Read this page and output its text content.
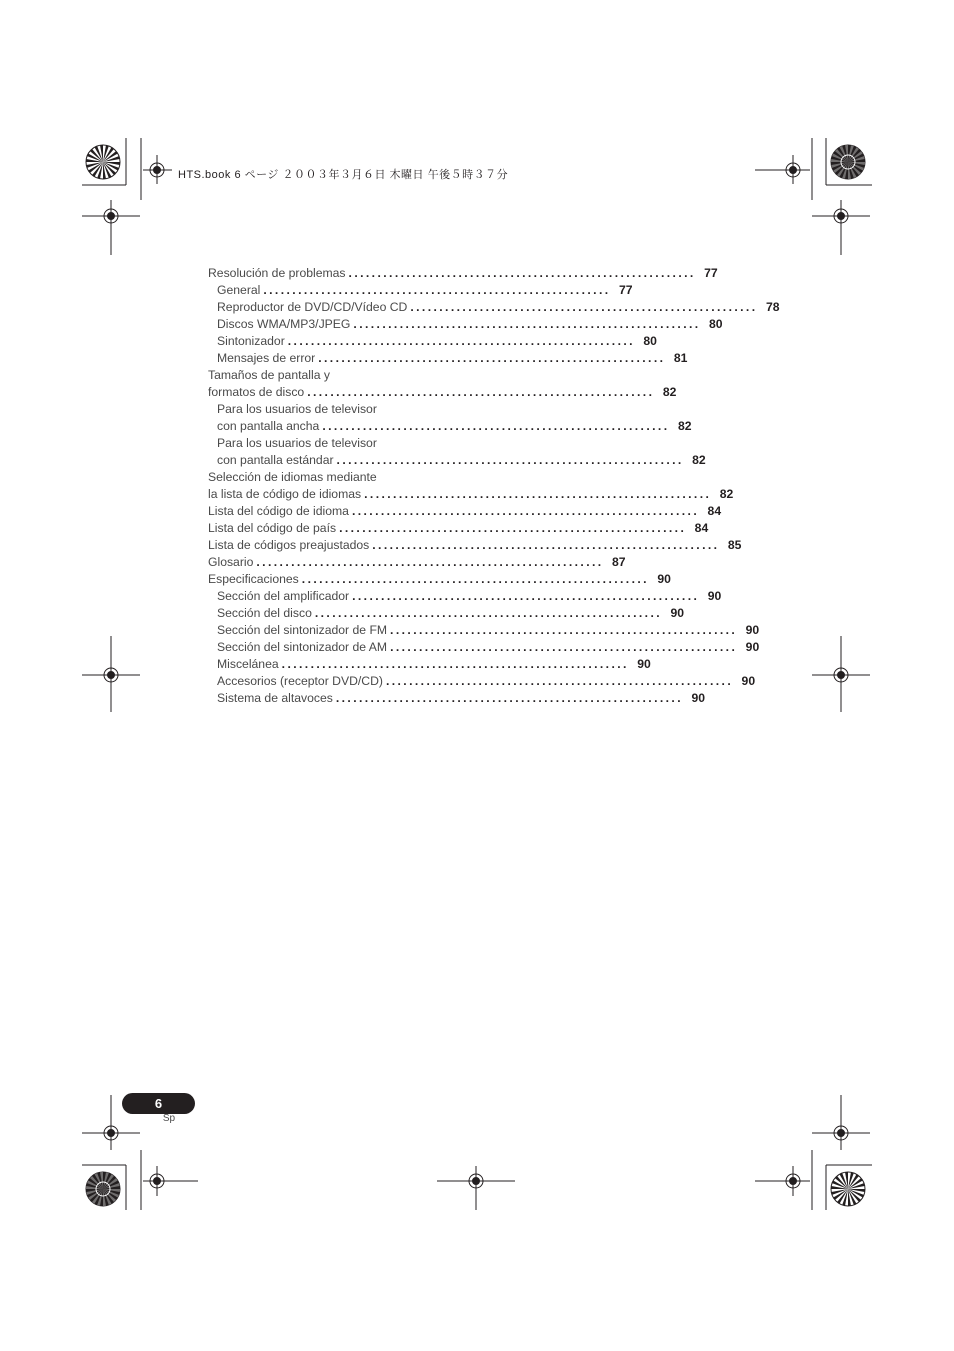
HTS.book 6 ページ ２００３年３月６日 木曜日 午後５時３７分
Resolución de problemas ............................................................ 77
General ............................................................ 77
Reproductor de DVD/CD/Vídeo CD ............................................................ 78
Discos WMA/MP3/JPEG ............................................................ 80
Sintonizador ............................................................ 80
Mensajes de error ............................................................ 81
Tamaños de pantalla y
formatos de disco ............................................................ 82
Para los usuarios de televisor
con pantalla ancha ............................................................ 82
Para los usuarios de televisor
con pantalla estándar ............................................................ 82
Selección de idiomas mediante
la lista de código de idiomas ............................................................ 82
Lista del código de idioma ............................................................ 84
Lista del código de país ............................................................ 84
Lista de códigos preajustados ............................................................ 85
Glosario ............................................................ 87
Especificaciones ............................................................ 90
Sección del amplificador ............................................................ 90
Sección del disco ............................................................ 90
Sección del sintonizador de FM ............................................................ 90
Sección del sintonizador de AM ............................................................ 90
Miscelánea ............................................................ 90
Accesorios (receptor DVD/CD) ............................................................ 90
Sistema de altavoces ............................................................ 90
6
Sp
